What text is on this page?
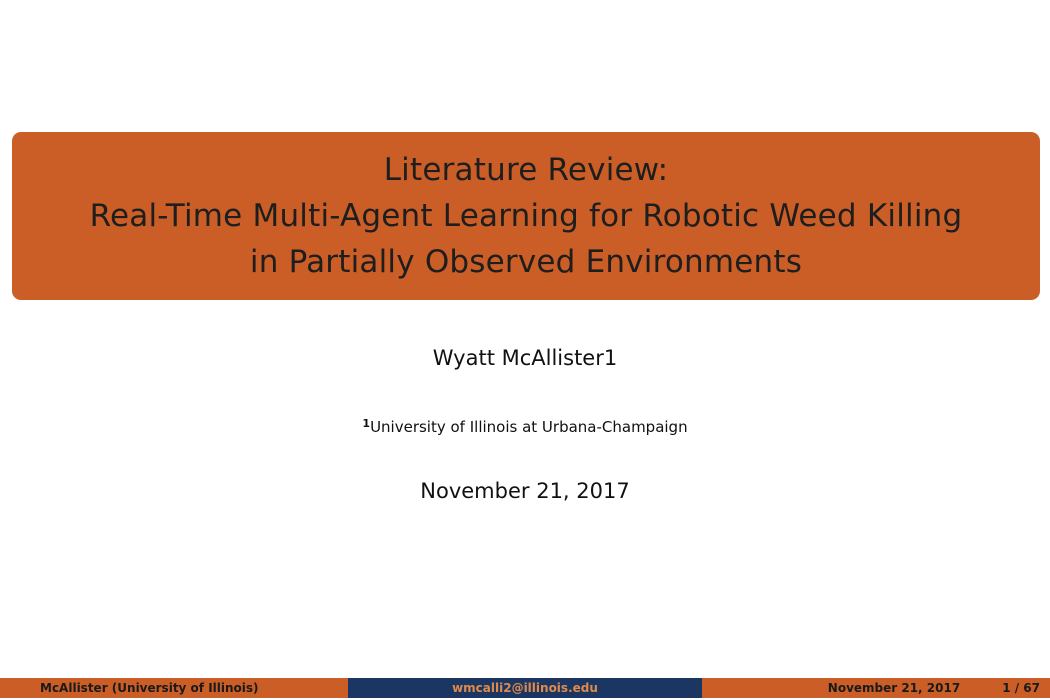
Literature Review:
Real-Time Multi-Agent Learning for Robotic Weed Killing
in Partially Observed Environments
Wyatt McAllister1
$^1$University of Illinois at Urbana-Champaign
November 21, 2017
McAllister (University of Illinois)	wmcalli2@illinois.edu	November 21, 2017	1 / 67
